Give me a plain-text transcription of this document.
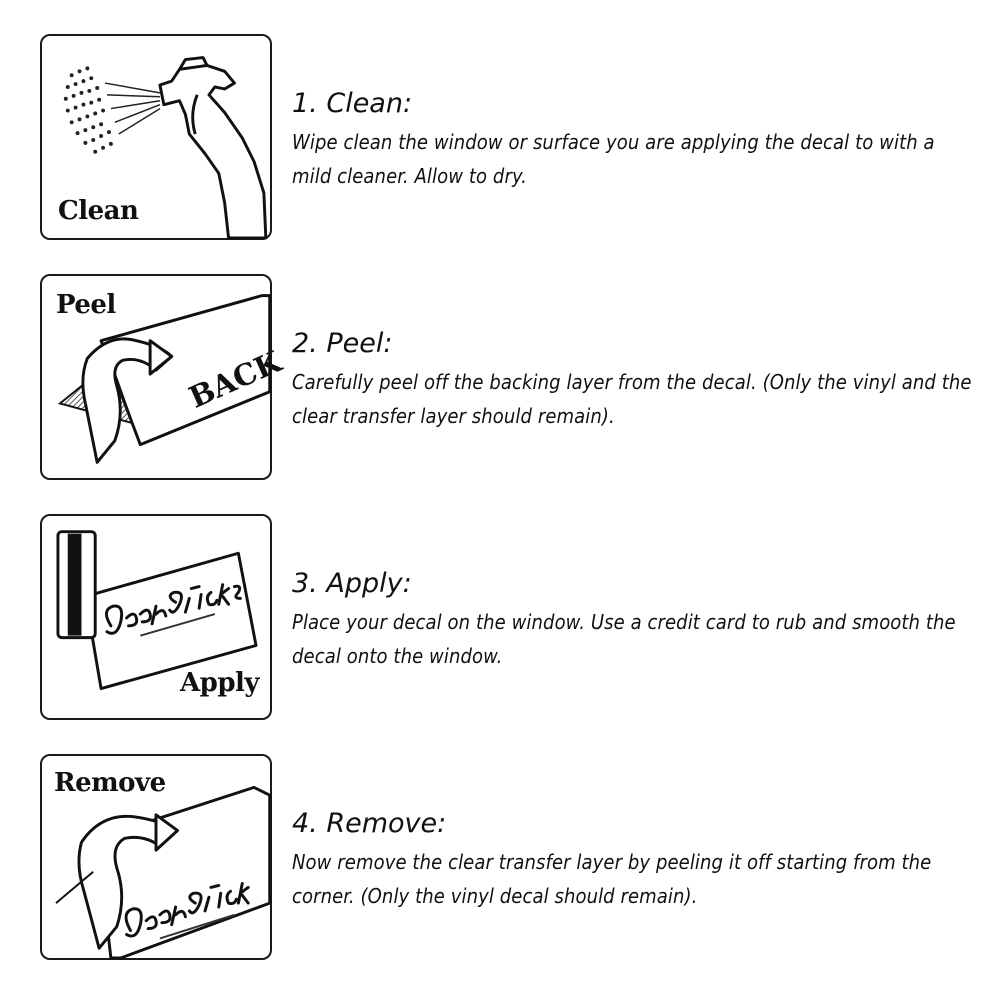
Clean
1. Clean:

Wipe clean the window or surface you are applying the decal to with a mild cleaner. Allow to dry.

BACK
Peel
2. Peel:

Carefully peel off the backing layer from the decal. (Only the vinyl and the clear transfer layer should remain).

Apply
3. Apply:

Place your decal on the window. Use a credit card to rub and smooth the decal onto the window.

Remove
4. Remove:

Now remove the clear transfer layer by peeling it off starting from the corner. (Only the vinyl decal should remain).
